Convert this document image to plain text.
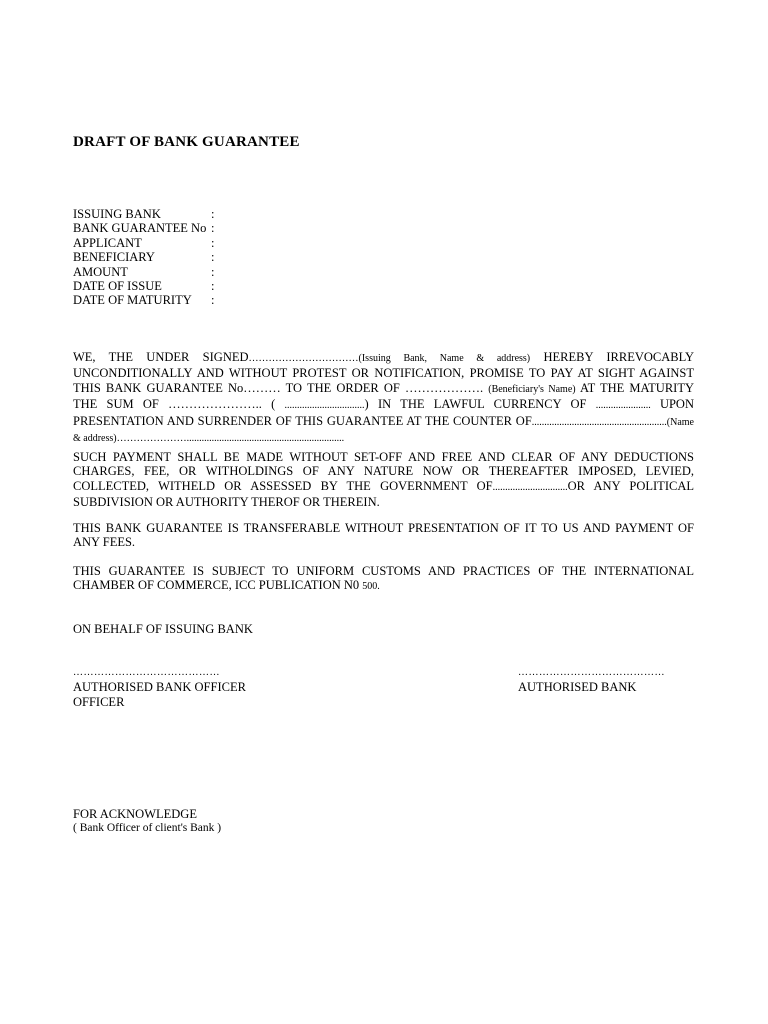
DRAFT OF BANK GUARANTEE
ISSUING BANK	:
BANK GUARANTEE No :
APPLICANT	:
BENEFICIARY	:
AMOUNT	:
DATE OF ISSUE	:
DATE OF MATURITY	:
WE, THE UNDER SIGNED……………………………(Issuing Bank, Name & address) HEREBY IRREVOCABLY UNCONDITIONALLY AND WITHOUT PROTEST OR NOTIFICATION, PROMISE TO PAY AT SIGHT AGAINST THIS BANK GUARANTEE No……… TO THE ORDER OF ………………. (Beneficiary's Name) AT THE MATURITY THE SUM OF ………………….. ( ................................) IN THE LAWFUL CURRENCY OF ...................... UPON PRESENTATION AND SURRENDER OF THIS GUARANTEE AT THE COUNTER OF......................................................(Name & address)…………………...............................................................
SUCH PAYMENT SHALL BE MADE WITHOUT SET-OFF AND FREE AND CLEAR OF ANY DEDUCTIONS CHARGES, FEE, OR WITHOLDINGS OF ANY NATURE NOW OR THEREAFTER IMPOSED, LEVIED, COLLECTED, WITHELD OR ASSESSED BY THE GOVERNMENT OF..............................OR ANY POLITICAL SUBDIVISION OR AUTHORITY THEROF OR THEREIN.
THIS BANK GUARANTEE IS TRANSFERABLE WITHOUT PRESENTATION OF IT TO US AND PAYMENT OF ANY FEES.
THIS GUARANTEE IS SUBJECT TO UNIFORM CUSTOMS AND PRACTICES OF THE INTERNATIONAL CHAMBER OF COMMERCE, ICC PUBLICATION N0 500.
ON BEHALF OF ISSUING BANK
……………………………………
AUTHORISED BANK OFFICER
OFFICER
……………………………………
AUTHORISED BANK
FOR ACKNOWLEDGE
( Bank Officer of client's Bank )
